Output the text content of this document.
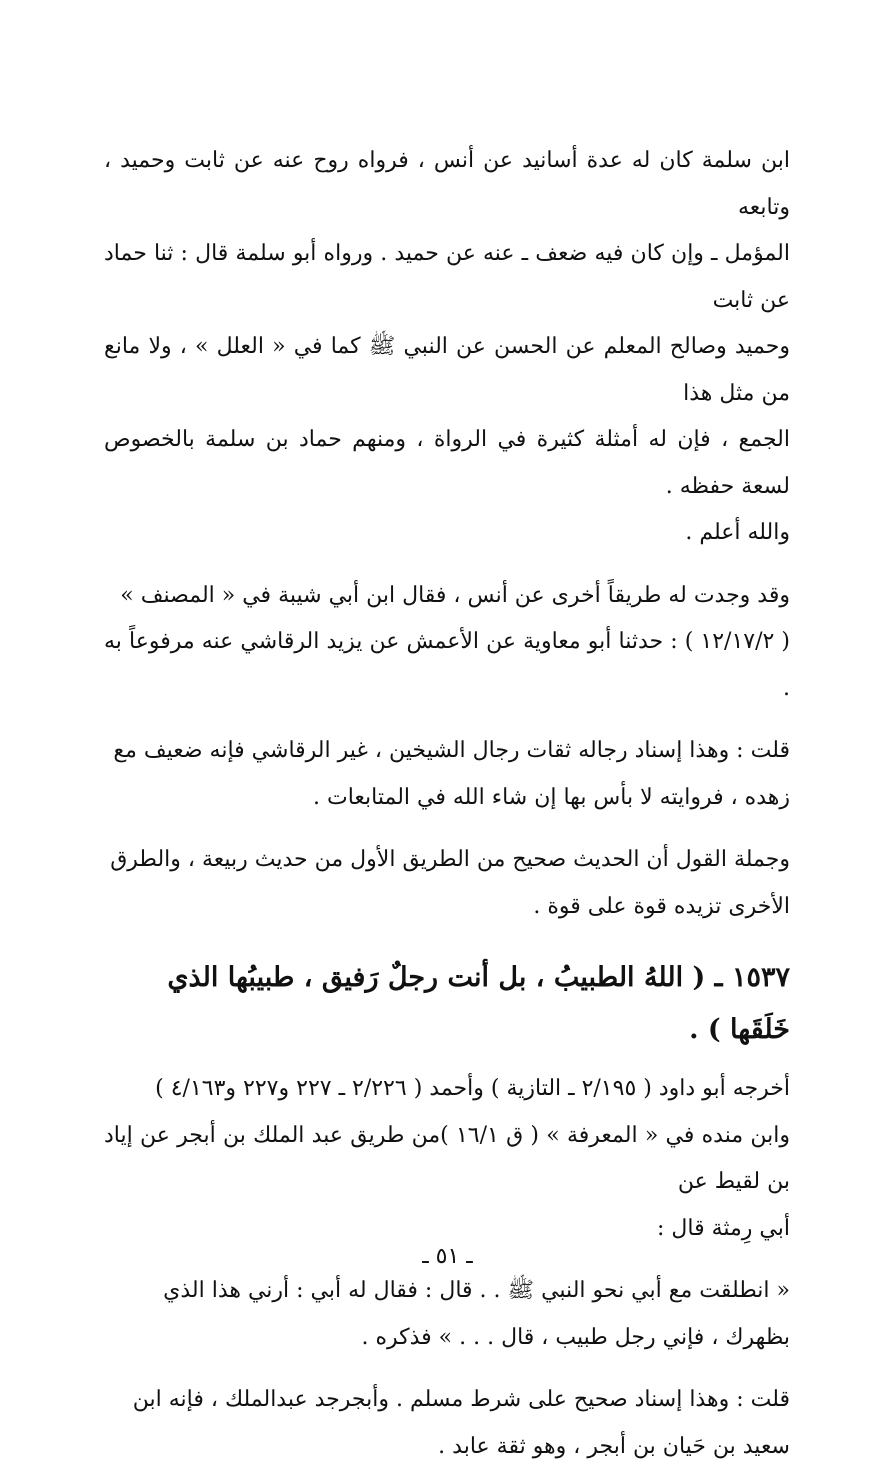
ابن سلمة كان له عدة أسانيد عن أنس ، فرواه روح عنه عن ثابت وحميد ، وتابعه
المؤمل ـ وإن كان فيه ضعف ـ عنه عن حميد . ورواه أبو سلمة قال : ثنا حماد عن ثابت
وحميد وصالح المعلم عن الحسن عن النبي ﷺ كما في « العلل » ، ولا مانع من مثل هذا
الجمع ، فإن له أمثلة كثيرة في الرواة ، ومنهم حماد بن سلمة بالخصوص لسعة حفظه .
والله أعلم .

وقد وجدت له طريقاً أخرى عن أنس ، فقال ابن أبي شيبة في « المصنف »
( ١٢/١٧/٢ ) : حدثنا أبو معاوية عن الأعمش عن يزيد الرقاشي عنه مرفوعاً به .

قلت : وهذا إسناد رجاله ثقات رجال الشيخين ، غير الرقاشي فإنه ضعيف مع
زهده ، فروايته لا بأس بها إن شاء الله في المتابعات .

وجملة القول أن الحديث صحيح من الطريق الأول من حديث ربيعة ، والطرق
الأخرى تزيده قوة على قوة .

١٥٣٧ ـ ( اللهُ الطبيبُ ، بل أنت رجلٌ رَفيق ، طبيبُها الذي
خَلَقَها ) .

أخرجه أبو داود ( ٢/١٩٥ ـ التازية ) وأحمد ( ٢/٢٢٦ ـ ٢٢٧ و٢٢٧ و٤/١٦٣ )
وابن منده في « المعرفة » ( ق ١٦/١ )من طريق عبد الملك بن أبجر عن إياد بن لقيط عن
أبي رِمثة قال :

« انطلقت مع أبي نحو النبي ﷺ . . قال : فقال له أبي : أرني هذا الذي
بظهرك ، فإني رجل طبيب ، قال . . . » فذكره .

قلت : وهذا إسناد صحيح على شرط مسلم . وأبجرجد عبدالملك ، فإنه ابن
سعيد بن حَيان بن أبجر ، وهو ثقة عابد .

ـ ٥١ ـ
